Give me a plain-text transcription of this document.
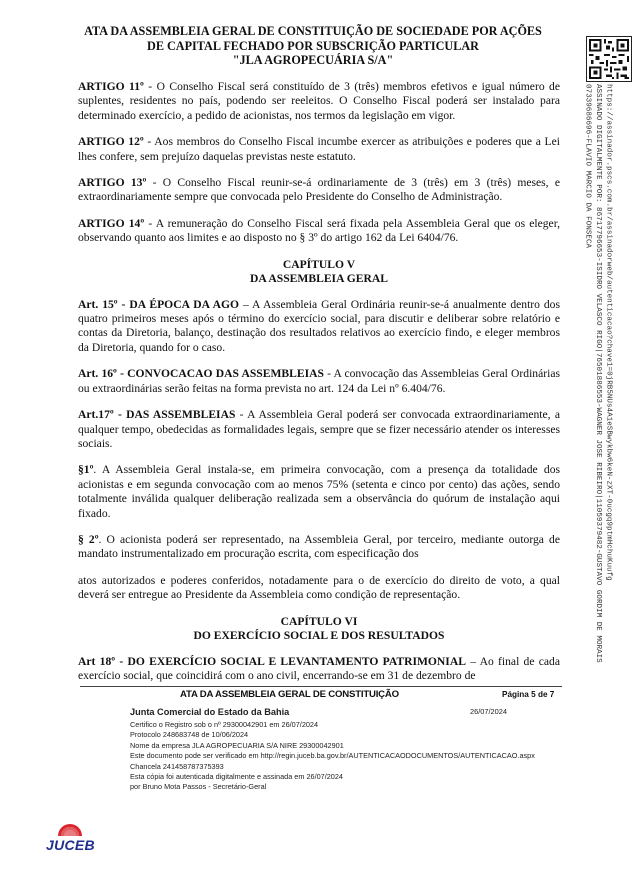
ATA DA ASSEMBLEIA GERAL DE CONSTITUIÇÃO DE SOCIEDADE POR AÇÕES
DE CAPITAL FECHADO POR SUBSCRIÇÃO PARTICULAR
"JLA AGROPECUÁRIA S/A"
https://assinador.pscs.com.br/assinadorweb/autenticacao?chave1=0jRB5NUs4A1eSBwykbw6keN-zXT-0ucgq9ptmHchuKuufg
ASSINADO DIGITALMENTE POR: 86717796653-ISIDRO VELASCO RIGO|76501886553-WAGNER JOSE RIBEIRO|11059379482-GUSTAVO GORDIM DE MORAIS
07339686696-FLAVIO MARCIO DA FONSECA

ARTIGO 11º - O Conselho Fiscal será constituído de 3 (três) membros efetivos e igual número de suplentes, residentes no país, podendo ser reeleitos. O Conselho Fiscal poderá ser instalado para determinado exercício, a pedido de acionistas, nos termos da legislação em vigor.

ARTIGO 12º - Aos membros do Conselho Fiscal incumbe exercer as atribuições e poderes que a Lei lhes confere, sem prejuízo daquelas previstas neste estatuto.

ARTIGO 13º - O Conselho Fiscal reunir-se-á ordinariamente de 3 (três) em 3 (três) meses, e extraordinariamente sempre que convocada pelo Presidente do Conselho de Administração.

ARTIGO 14º - A remuneração do Conselho Fiscal será fixada pela Assembleia Geral que os eleger, observando quanto aos limites e ao disposto no § 3º do artigo 162 da Lei 6404/76.

CAPÍTULO V
DA ASSEMBLEIA GERAL

Art. 15º - DA ÉPOCA DA AGO – A Assembleia Geral Ordinária reunir-se-á anualmente dentro dos quatro primeiros meses após o término do exercício social, para discutir e deliberar sobre relatório e contas da Diretoria, balanço, destinação dos resultados relativos ao exercício findo, e eleger membros da Diretoria, quando for o caso.

Art. 16º - CONVOCACAO DAS ASSEMBLEIAS - A convocação das Assembleias Geral Ordinárias ou extraordinárias serão feitas na forma prevista no art. 124 da Lei nº 6.404/76.

Art.17º - DAS ASSEMBLEIAS - A Assembleia Geral poderá ser convocada extraordinariamente, a qualquer tempo, obedecidas as formalidades legais, sempre que se fizer necessário atender os interesses sociais.

§1º. A Assembleia Geral instala-se, em primeira convocação, com a presença da totalidade dos acionistas e em segunda convocação com ao menos 75% (setenta e cinco por cento) das ações, sendo totalmente inválida qualquer deliberação realizada sem a observância do quórum de instalação aqui fixado.

§ 2º. O acionista poderá ser representado, na Assembleia Geral, por terceiro, mediante outorga de mandato instrumentalizado em procuração escrita, com especificação dos

atos autorizados e poderes conferidos, notadamente para o de exercício do direito de voto, a qual deverá ser entregue ao Presidente da Assembleia como condição de representação.

CAPÍTULO VI
DO EXERCÍCIO SOCIAL E DOS RESULTADOS

Art 18º - DO EXERCÍCIO SOCIAL E LEVANTAMENTO PATRIMONIAL – Ao final de cada exercício social, que coincidirá com o ano civil, encerrando-se em 31 de dezembro de

ATA DA ASSEMBLEIA GERAL DE CONSTITUIÇÃO	Página 5 de 7
Junta Comercial do Estado da Bahia	26/07/2024
Certifico o Registro sob o nº 29300042901 em 26/07/2024
Protocolo 248683748 de 10/06/2024
Nome da empresa JLA AGROPECUARIA S/A NIRE 29300042901
Este documento pode ser verificado em http://regin.juceb.ba.gov.br/AUTENTICACAODOCUMENTOS/AUTENTICACAO.aspx
Chancela 241458787375393
Esta cópia foi autenticada digitalmente e assinada em 26/07/2024
por Bruno Mota Passos - Secretário-Geral
JUCEB
